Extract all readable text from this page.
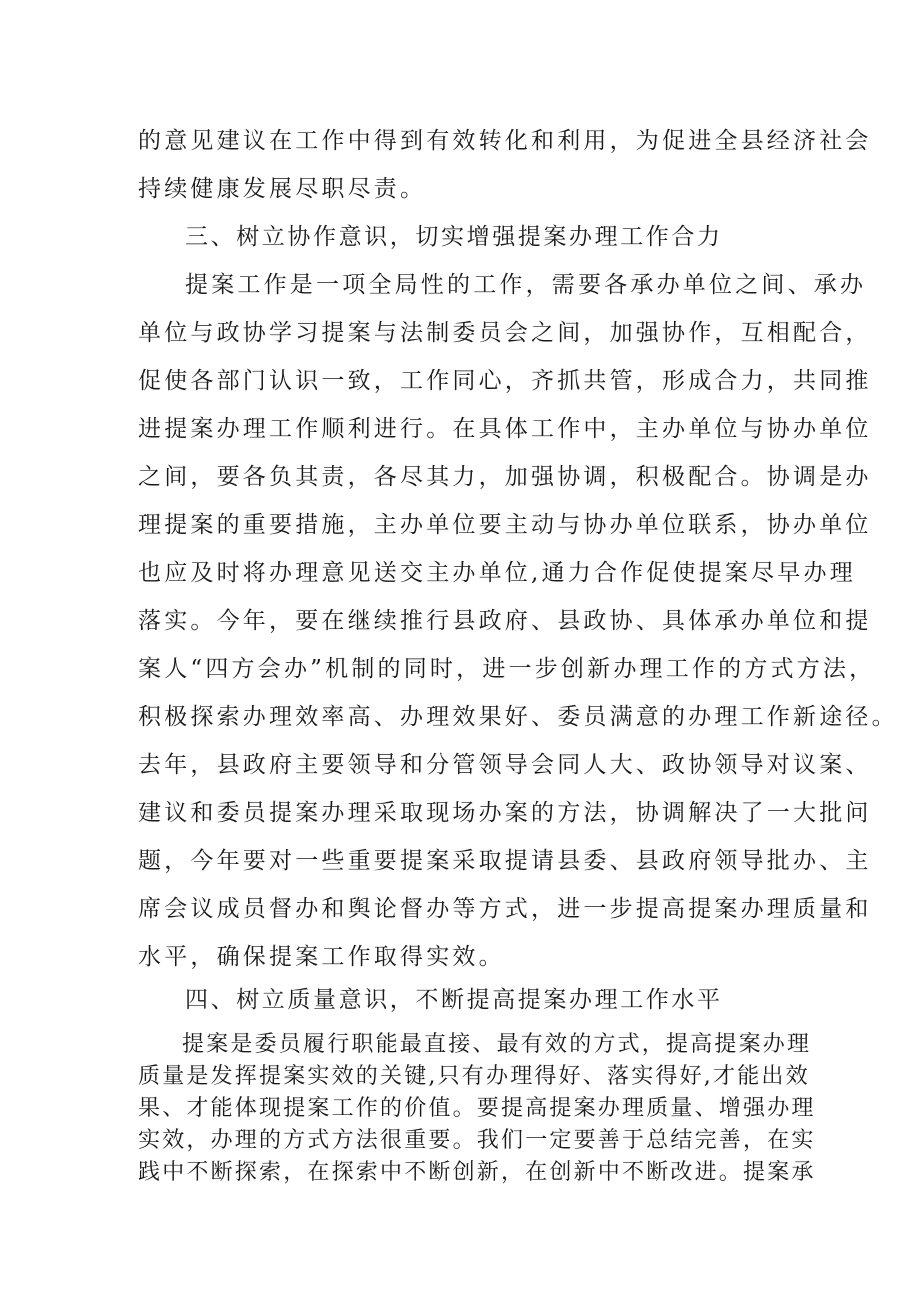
的意见建议在工作中得到有效转化和利用，为促进全县经济社会

持续健康发展尽职尽责。

三、树立协作意识，切实增强提案办理工作合力

提案工作是一项全局性的工作，需要各承办单位之间、承办

单位与政协学习提案与法制委员会之间，加强协作，互相配合，

促使各部门认识一致，工作同心，齐抓共管，形成合力，共同推

进提案办理工作顺利进行。在具体工作中，主办单位与协办单位

之间，要各负其责，各尽其力，加强协调，积极配合。协调是办

理提案的重要措施，主办单位要主动与协办单位联系，协办单位

也应及时将办理意见送交主办单位,通力合作促使提案尽早办理

落实。今年，要在继续推行县政府、县政协、具体承办单位和提

案人“四方会办”机制的同时，进一步创新办理工作的方式方法，

积极探索办理效率高、办理效果好、委员满意的办理工作新途径。

去年，县政府主要领导和分管领导会同人大、政协领导对议案、

建议和委员提案办理采取现场办案的方法，协调解决了一大批问

题，今年要对一些重要提案采取提请县委、县政府领导批办、主

席会议成员督办和舆论督办等方式，进一步提高提案办理质量和

水平，确保提案工作取得实效。

四、树立质量意识，不断提高提案办理工作水平

提案是委员履行职能最直接、最有效的方式，提高提案办理

质量是发挥提案实效的关键,只有办理得好、落实得好,才能出效

果、才能体现提案工作的价值。要提高提案办理质量、增强办理

实效，办理的方式方法很重要。我们一定要善于总结完善，在实

践中不断探索，在探索中不断创新，在创新中不断改进。提案承
